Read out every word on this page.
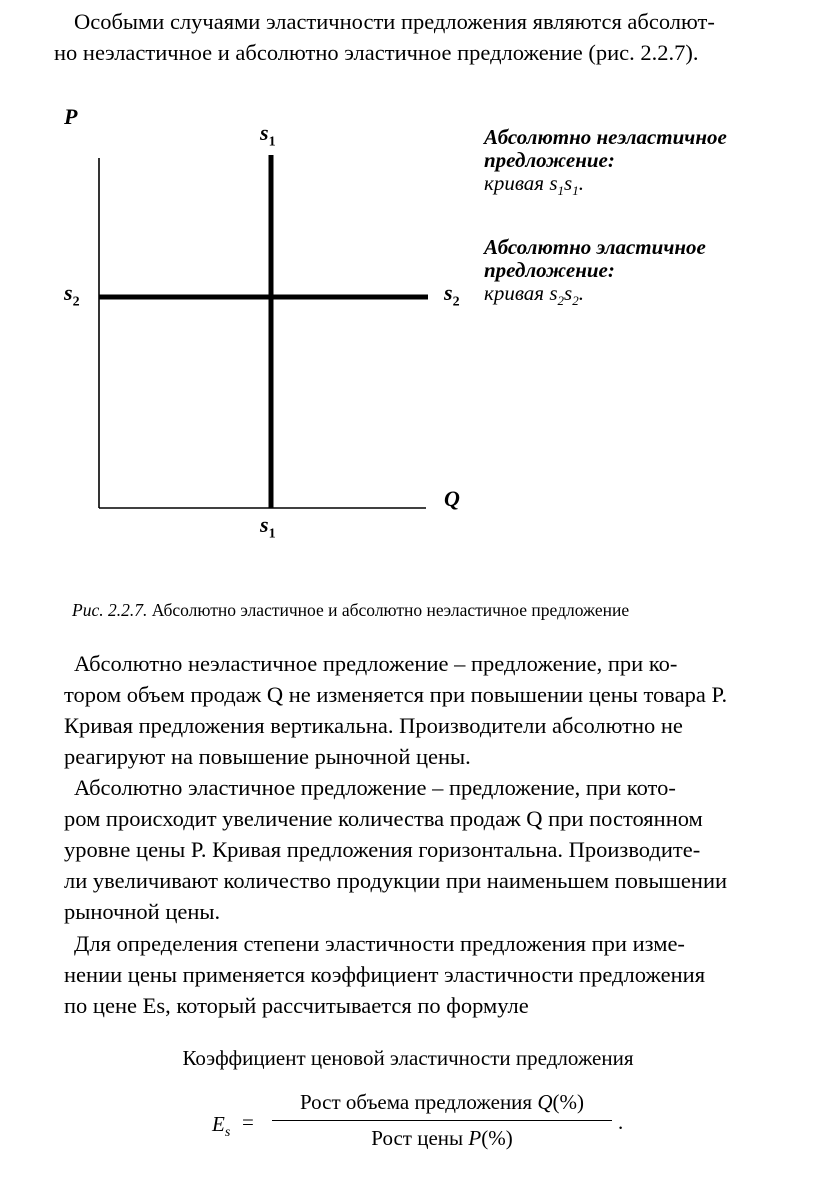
Особыми случаями эластичности предложения являются абсолют-
но неэластичное и абсолютно эластичное предложение (рис. 2.2.7).
P
Q
$s_1$
$s_1$
$s_2$	$s_2$
Абсолютно неэластичное
предложение:
кривая $s_1s_1$.
Абсолютно эластичное
предложение:
кривая $s_2s_2$.
Рис. 2.2.7. Абсолютно эластичное и абсолютно неэластичное предложение
Абсолютно неэластичное предложение – предложение, при ко-
тором объем продаж Q не изменяется при повышении цены товара P.
Кривая предложения вертикальна. Производители абсолютно не
реагируют на повышение рыночной цены.
Абсолютно эластичное предложение – предложение, при кото-
ром происходит увеличение количества продаж Q при постоянном
уровне цены P. Кривая предложения горизонтальна. Производите-
ли увеличивают количество продукции при наименьшем повышении
рыночной цены.
Для определения степени эластичности предложения при изме-
нении цены применяется коэффициент эластичности предложения
по цене Es, который рассчитывается по формуле
Коэффициент ценовой эластичности предложения
$E_s$ =
Рост объема предложения Q(%)
Рост цены P(%)
.
